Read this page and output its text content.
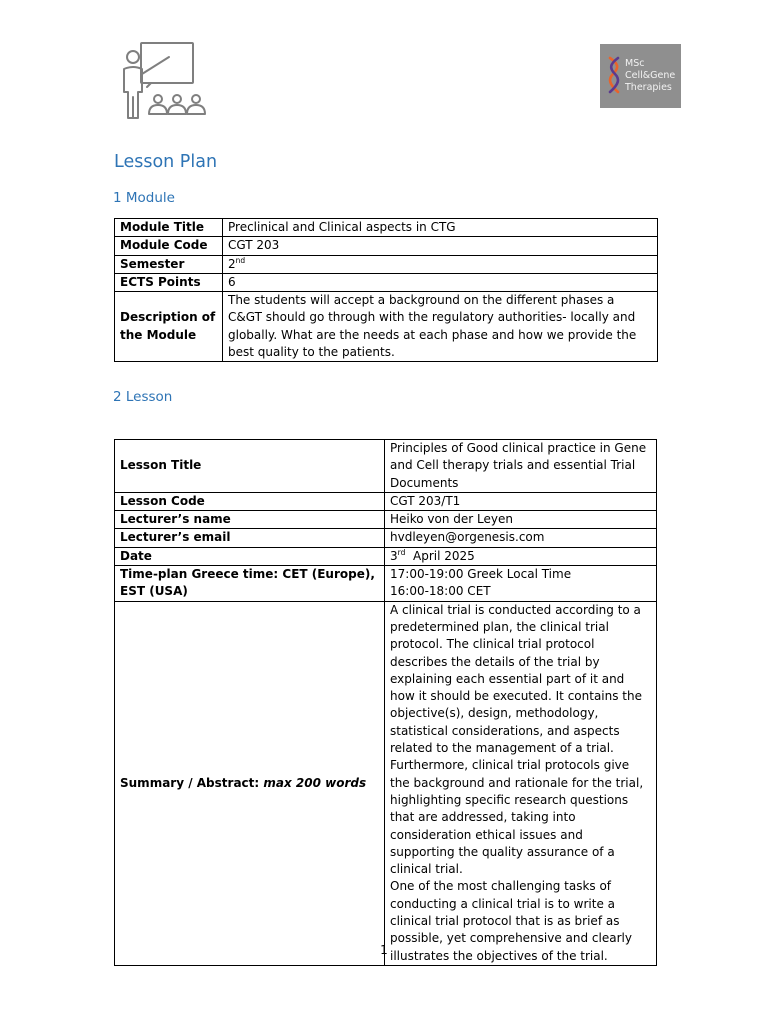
MSc
Cell&Gene
Therapies
Lesson Plan
1 Module
Module Title	Preclinical and Clinical aspects in CTG
Module Code	CGT 203
Semester	2nd
ECTS Points	6
Description of the Module	The students will accept a background on the different phases a C&GT should go through with the regulatory authorities- locally and globally. What are the needs at each phase and how we provide the best quality to the patients.
2 Lesson
Lesson Title	Principles of Good clinical practice in Gene and Cell therapy trials and essential Trial Documents
Lesson Code	CGT 203/T1
Lecturer’s name	Heiko von der Leyen
Lecturer’s email	hvdleyen@orgenesis.com
Date	3rd  April 2025
Time-plan Greece time: CET (Europe), EST (USA)	17:00-19:00 Greek Local Time
16:00-18:00 CET
Summary / Abstract: max 200 words	A clinical trial is conducted according to a predetermined plan, the clinical trial protocol. The clinical trial protocol describes the details of the trial by explaining each essential part of it and how it should be executed. It contains the objective(s), design, methodology, statistical considerations, and aspects related to the management of a trial. Furthermore, clinical trial protocols give the background and rationale for the trial, highlighting specific research questions that are addressed, taking into consideration ethical issues and supporting the quality assurance of a clinical trial.
One of the most challenging tasks of conducting a clinical trial is to write a clinical trial protocol that is as brief as possible, yet comprehensive and clearly illustrates the objectives of the trial.
1
